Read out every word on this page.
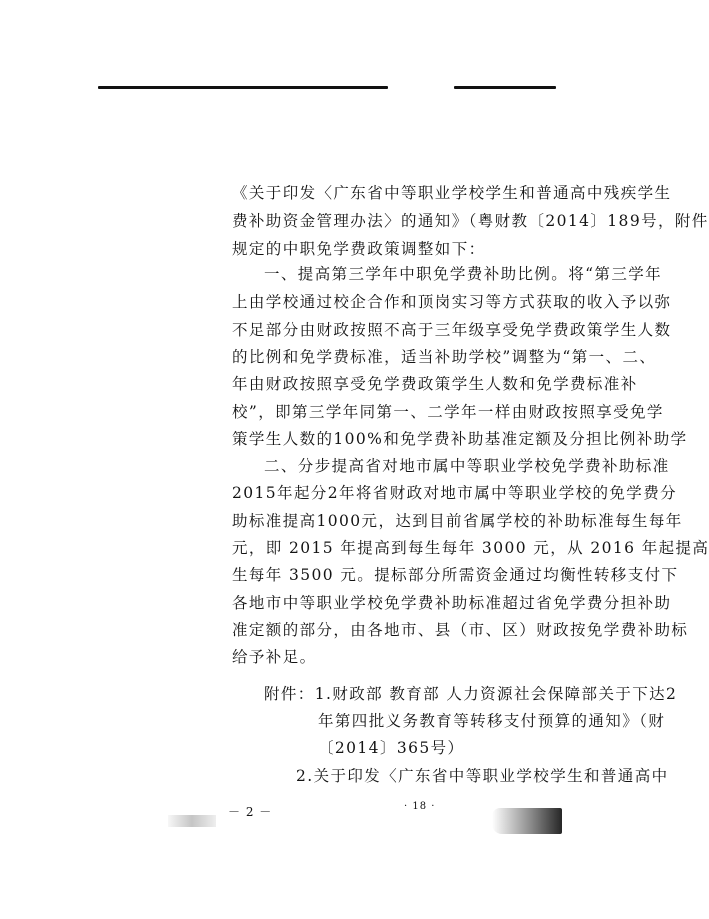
《关于印发〈广东省中等职业学校学生和普通高中残疾学生
费补助资金管理办法〉的通知》（粤财教〔2014〕189号，附件
规定的中职免学费政策调整如下：
一、提高第三学年中职免学费补助比例。将“第三学年
上由学校通过校企合作和顶岗实习等方式获取的收入予以弥
不足部分由财政按照不高于三年级享受免学费政策学生人数
的比例和免学费标准，适当补助学校”调整为“第一、二、
年由财政按照享受免学费政策学生人数和免学费标准补
校”，即第三学年同第一、二学年一样由财政按照享受免学
策学生人数的100%和免学费补助基准定额及分担比例补助学
二、分步提高省对地市属中等职业学校免学费补助标准
2015年起分2年将省财政对地市属中等职业学校的免学费分
助标准提高1000元，达到目前省属学校的补助标准每生每年
元，即 2015 年提高到每生每年 3000 元，从 2016 年起提高
生每年 3500 元。提标部分所需资金通过均衡性转移支付下
各地市中等职业学校免学费补助标准超过省免学费分担补助
准定额的部分，由各地市、县（市、区）财政按免学费补助标
给予补足。
附件：1.财政部 教育部 人力资源社会保障部关于下达2
年第四批义务教育等转移支付预算的通知》（财
〔2014〕365号）
2.关于印发〈广东省中等职业学校学生和普通高中
－ 2 －	· 18 ·
